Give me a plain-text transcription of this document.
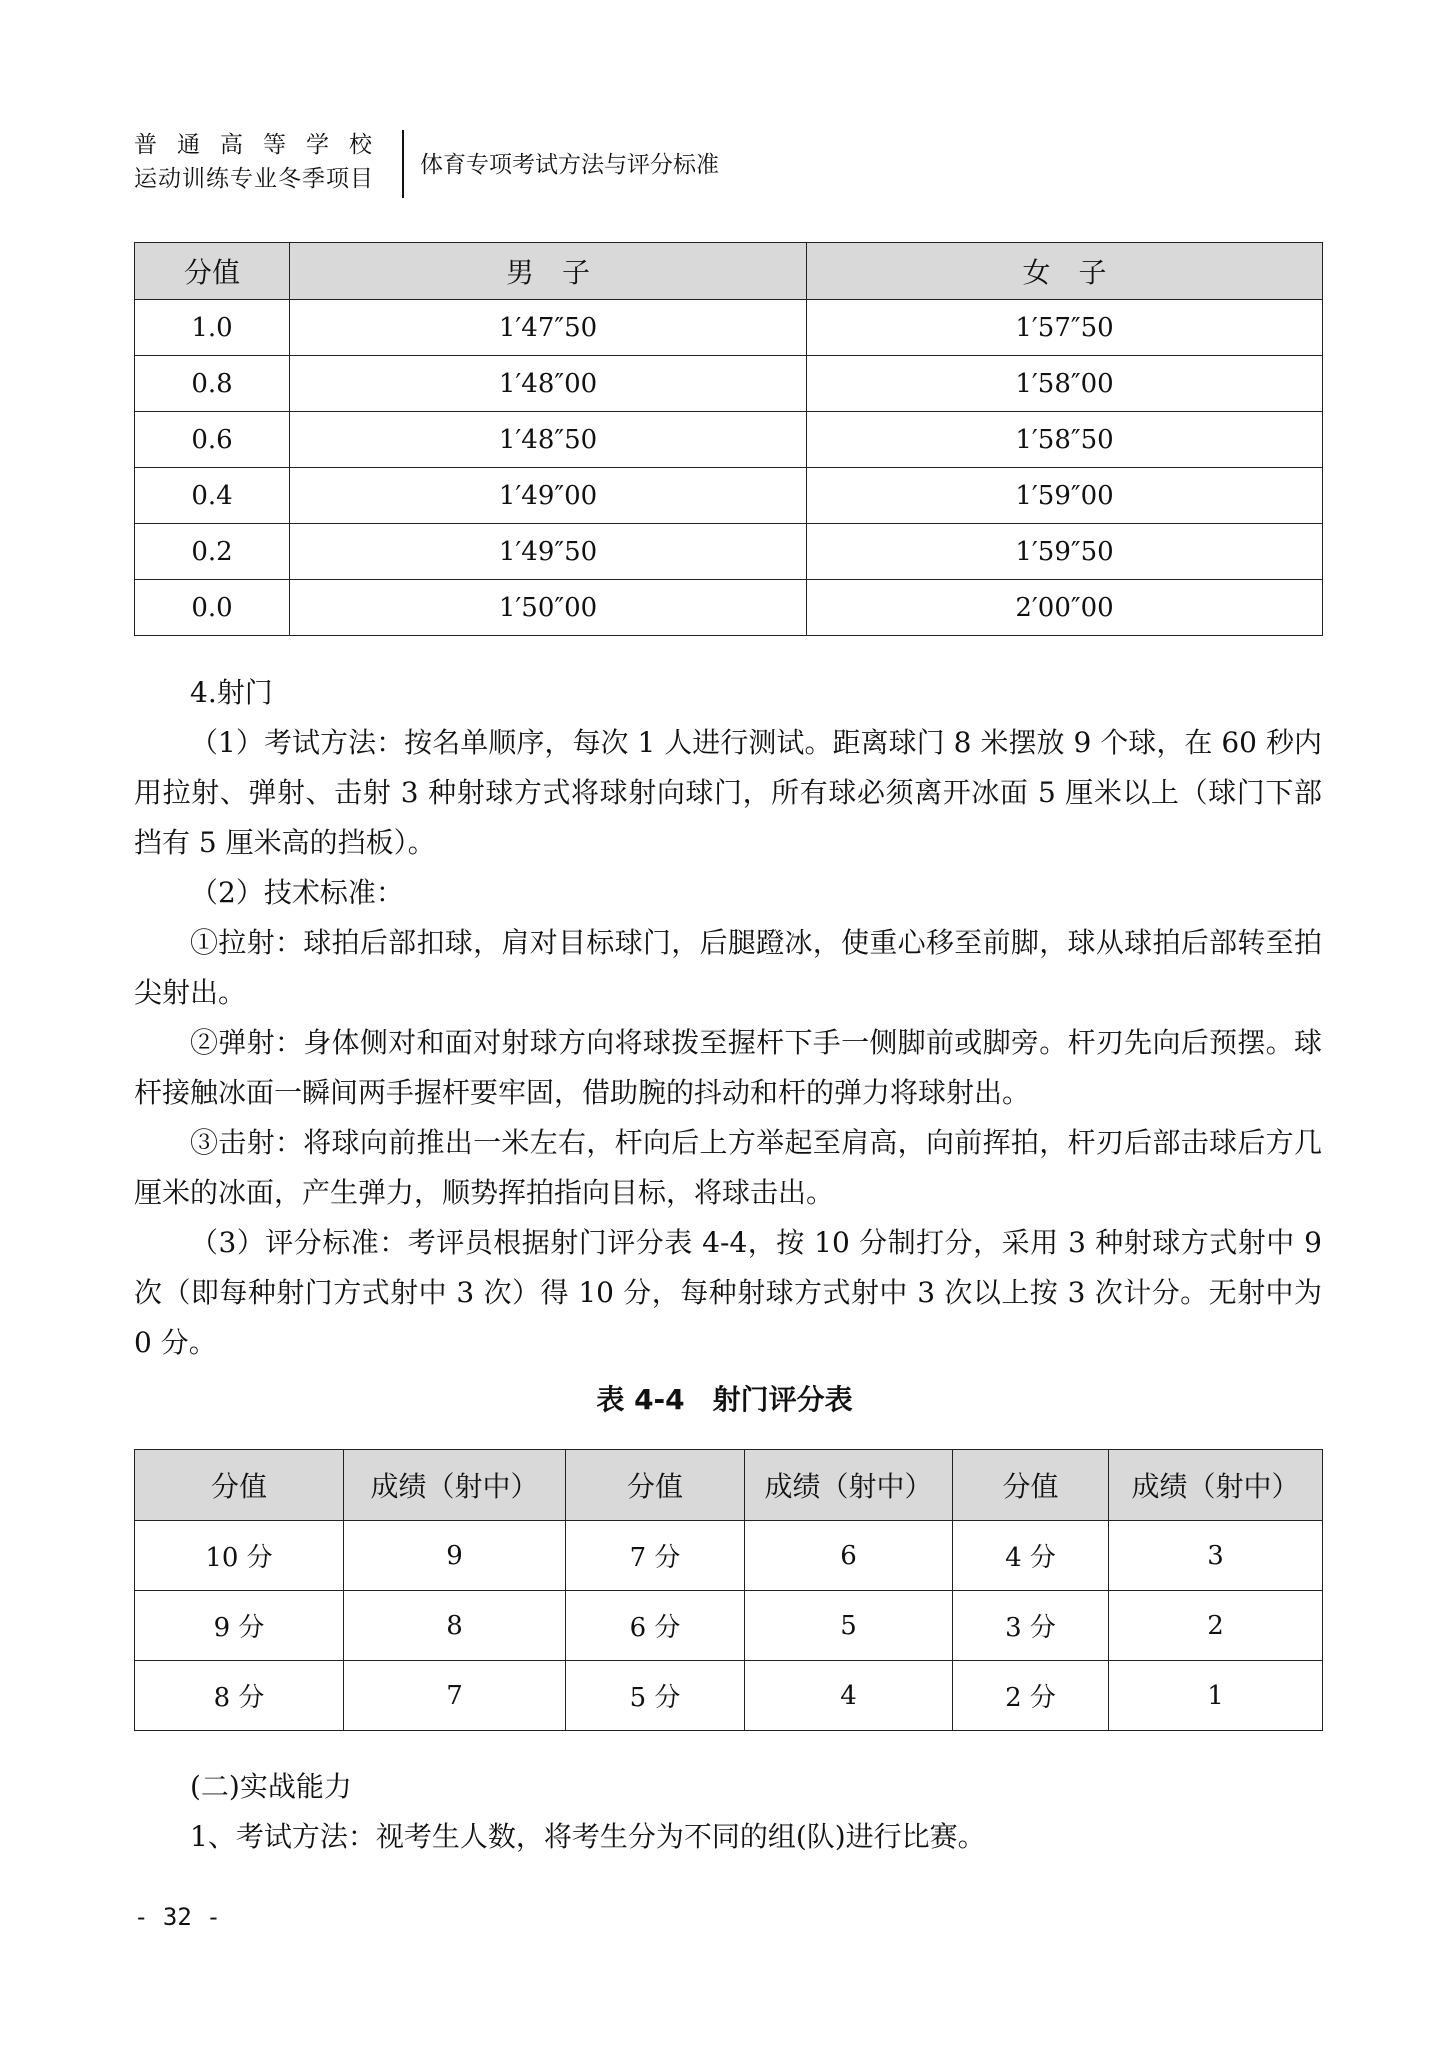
普通高等学校
运动训练专业冬季项目
体育专项考试方法与评分标准
分值	男　子	女　子
1.0	1′47″50	1′57″50
0.8	1′48″00	1′58″00
0.6	1′48″50	1′58″50
0.4	1′49″00	1′59″00
0.2	1′49″50	1′59″50
0.0	1′50″00	2′00″00
4.射门
（1）考试方法：按名单顺序，每次 1 人进行测试。距离球门 8 米摆放 9 个球，在 60 秒内用拉射、弹射、击射 3 种射球方式将球射向球门，所有球必须离开冰面 5 厘米以上（球门下部挡有 5 厘米高的挡板）。
（2）技术标准：
①拉射：球拍后部扣球，肩对目标球门，后腿蹬冰，使重心移至前脚，球从球拍后部转至拍尖射出。
②弹射：身体侧对和面对射球方向将球拨至握杆下手一侧脚前或脚旁。杆刃先向后预摆。球杆接触冰面一瞬间两手握杆要牢固，借助腕的抖动和杆的弹力将球射出。
③击射：将球向前推出一米左右，杆向后上方举起至肩高，向前挥拍，杆刃后部击球后方几厘米的冰面，产生弹力，顺势挥拍指向目标，将球击出。
（3）评分标准：考评员根据射门评分表 4-4，按 10 分制打分，采用 3 种射球方式射中 9 次（即每种射门方式射中 3 次）得 10 分，每种射球方式射中 3 次以上按 3 次计分。无射中为 0 分。
表 4-4　射门评分表
分值	成绩（射中）	分值	成绩（射中）	分值	成绩（射中）
10 分	9	7 分	6	4 分	3
9 分	8	6 分	5	3 分	2
8 分	7	5 分	4	2 分	1
(二)实战能力
1、考试方法：视考生人数，将考生分为不同的组(队)进行比赛。
- 32 -
